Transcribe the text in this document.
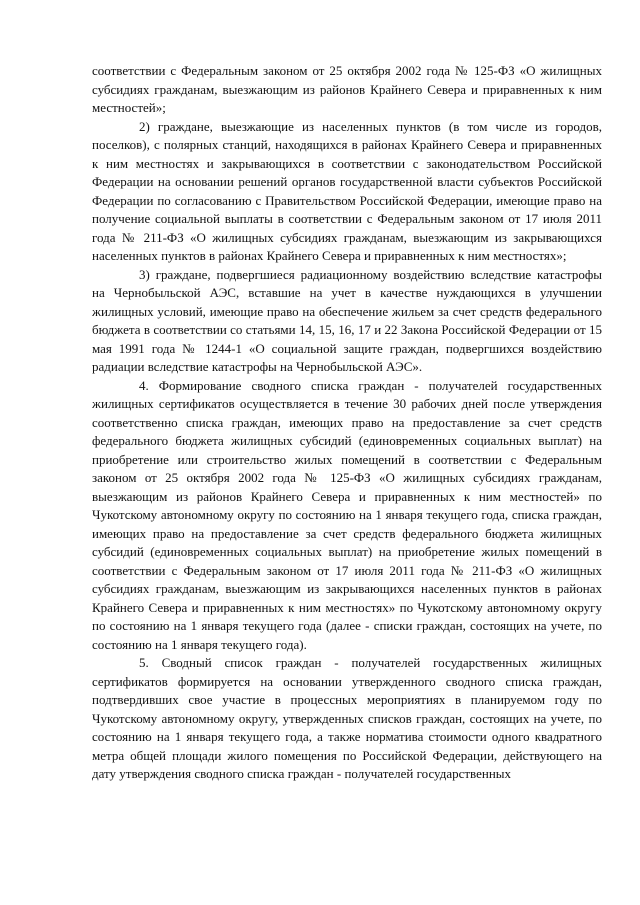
соответствии с Федеральным законом от 25 октября 2002 года № 125-ФЗ «О жилищных субсидиях гражданам, выезжающим из районов Крайнего Севера и приравненных к ним местностей»;

2) граждане, выезжающие из населенных пунктов (в том числе из городов, поселков), с полярных станций, находящихся в районах Крайнего Севера и приравненных к ним местностях и закрывающихся в соответствии с законодательством Российской Федерации на основании решений органов государственной власти субъектов Российской Федерации по согласованию с Правительством Российской Федерации, имеющие право на получение социальной выплаты в соответствии с Федеральным законом от 17 июля 2011 года № 211-ФЗ «О жилищных субсидиях гражданам, выезжающим из закрывающихся населенных пунктов в районах Крайнего Севера и приравненных к ним местностях»;

3) граждане, подвергшиеся радиационному воздействию вследствие катастрофы на Чернобыльской АЭС, вставшие на учет в качестве нуждающихся в улучшении жилищных условий, имеющие право на обеспечение жильем за счет средств федерального бюджета в соответствии со статьями 14, 15, 16, 17 и 22 Закона Российской Федерации от 15 мая 1991 года № 1244-1 «О социальной защите граждан, подвергшихся воздействию радиации вследствие катастрофы на Чернобыльской АЭС».

4. Формирование сводного списка граждан - получателей государственных жилищных сертификатов осуществляется в течение 30 рабочих дней после утверждения соответственно списка граждан, имеющих право на предоставление за счет средств федерального бюджета жилищных субсидий (единовременных социальных выплат) на приобретение или строительство жилых помещений в соответствии с Федеральным законом от 25 октября 2002 года № 125-ФЗ «О жилищных субсидиях гражданам, выезжающим из районов Крайнего Севера и приравненных к ним местностей» по Чукотскому автономному округу по состоянию на 1 января текущего года, списка граждан, имеющих право на предоставление за счет средств федерального бюджета жилищных субсидий (единовременных социальных выплат) на приобретение жилых помещений в соответствии с Федеральным законом от 17 июля 2011 года № 211-ФЗ «О жилищных субсидиях гражданам, выезжающим из закрывающихся населенных пунктов в районах Крайнего Севера и приравненных к ним местностях» по Чукотскому автономному округу по состоянию на 1 января текущего года (далее - списки граждан, состоящих на учете, по состоянию на 1 января текущего года).

5. Сводный список граждан - получателей государственных жилищных сертификатов формируется на основании утвержденного сводного списка граждан, подтвердивших свое участие в процессных мероприятиях в планируемом году по Чукотскому автономному округу, утвержденных списков граждан, состоящих на учете, по состоянию на 1 января текущего года, а также норматива стоимости одного квадратного метра общей площади жилого помещения по Российской Федерации, действующего на дату утверждения сводного списка граждан - получателей государственных
